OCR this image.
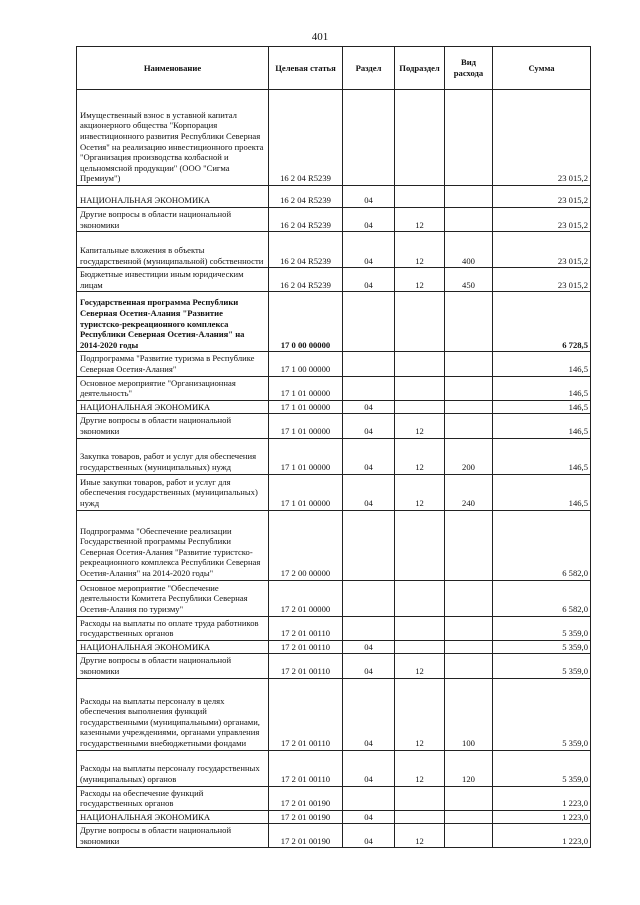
401
Наименование	Целевая статья	Раздел	Подраздел	Вид расхода	Сумма
Имущественный взнос в уставной капитал акционерного общества "Корпорация инвестиционного развития Республики Северная Осетия" на реализацию инвестиционного проекта "Организация производства колбасной и цельномясной продукции" (ООО "Сигма Премиум")	16 2 04 R5239				23 015,2
НАЦИОНАЛЬНАЯ ЭКОНОМИКА	16 2 04 R5239	04			23 015,2
Другие вопросы в области национальной экономики	16 2 04 R5239	04	12		23 015,2
Капитальные вложения в объекты государственной (муниципальной) собственности	16 2 04 R5239	04	12	400	23 015,2
Бюджетные инвестиции иным юридическим лицам	16 2 04 R5239	04	12	450	23 015,2
Государственная программа Республики Северная Осетия-Алания "Развитие туристско-рекреационного комплекса Республики Северная Осетия-Алания" на 2014-2020 годы	17 0 00 00000				6 728,5
Подпрограмма "Развитие туризма в Республике Северная Осетия-Алания"	17 1 00 00000				146,5
Основное мероприятие "Организационная деятельность"	17 1 01 00000				146,5
НАЦИОНАЛЬНАЯ ЭКОНОМИКА	17 1 01 00000	04			146,5
Другие вопросы в области национальной экономики	17 1 01 00000	04	12		146,5
Закупка товаров, работ и услуг для обеспечения государственных (муниципальных) нужд	17 1 01 00000	04	12	200	146,5
Иные закупки товаров, работ и услуг для обеспечения государственных (муниципальных) нужд	17 1 01 00000	04	12	240	146,5
Подпрограмма "Обеспечение реализации Государственной программы Республики Северная Осетия-Алания "Развитие туристско-рекреационного комплекса Республики Северная Осетия-Алания" на 2014-2020 годы"	17 2 00 00000				6 582,0
Основное мероприятие "Обеспечение деятельности Комитета Республики Северная Осетия-Алания по туризму"	17 2 01 00000				6 582,0
Расходы на выплаты по оплате труда работников государственных органов	17 2 01 00110				5 359,0
НАЦИОНАЛЬНАЯ ЭКОНОМИКА	17 2 01 00110	04			5 359,0
Другие вопросы в области национальной экономики	17 2 01 00110	04	12		5 359,0
Расходы на выплаты персоналу в целях обеспечения выполнения функций государственными (муниципальными) органами, казенными учреждениями, органами управления государственными внебюджетными фондами	17 2 01 00110	04	12	100	5 359,0
Расходы на выплаты персоналу государственных (муниципальных) органов	17 2 01 00110	04	12	120	5 359,0
Расходы на обеспечение функций государственных органов	17 2 01 00190				1 223,0
НАЦИОНАЛЬНАЯ ЭКОНОМИКА	17 2 01 00190	04			1 223,0
Другие вопросы в области национальной экономики	17 2 01 00190	04	12		1 223,0
